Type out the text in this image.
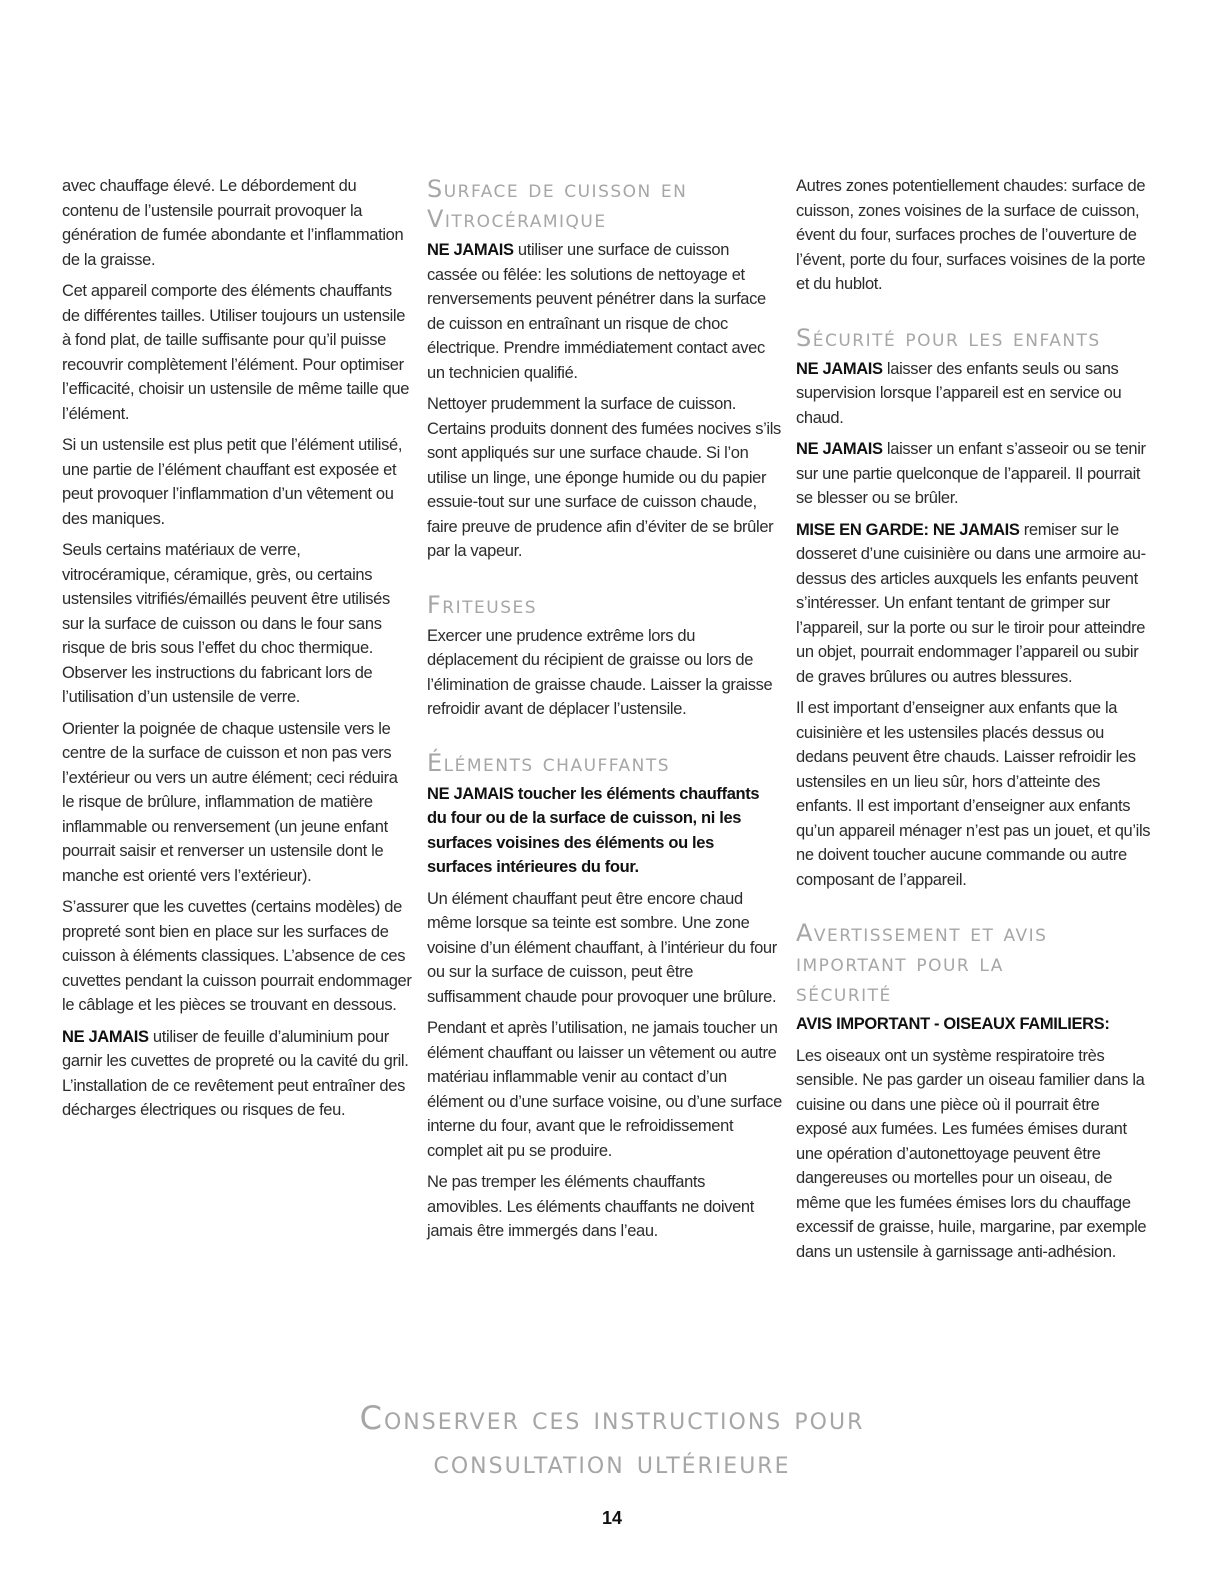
avec chauffage élevé. Le débordement du contenu de l’ustensile pourrait provoquer la génération de fumée abondante et l’inflammation de la graisse.

Cet appareil comporte des éléments chauffants de différentes tailles. Utiliser toujours un ustensile à fond plat, de taille suffisante pour qu’il puisse recouvrir complètement l’élément. Pour optimiser l’efficacité, choisir un ustensile de même taille que l’élément.

Si un ustensile est plus petit que l’élément utilisé, une partie de l’élément chauffant est exposée et peut provoquer l’inflammation d’un vêtement ou des maniques.

Seuls certains matériaux de verre, vitrocéramique, céramique, grès, ou certains ustensiles vitrifiés/émaillés peuvent être utilisés sur la surface de cuisson ou dans le four sans risque de bris sous l’effet du choc thermique. Observer les instructions du fabricant lors de l’utilisation d’un ustensile de verre.

Orienter la poignée de chaque ustensile vers le centre de la surface de cuisson et non pas vers l’extérieur ou vers un autre élément; ceci réduira le risque de brûlure, inflammation de matière inflammable ou renversement (un jeune enfant pourrait saisir et renverser un ustensile dont le manche est orienté vers l’extérieur).

S’assurer que les cuvettes (certains modèles) de propreté sont bien en place sur les surfaces de cuisson à éléments classiques. L’absence de ces cuvettes pendant la cuisson pourrait endommager le câblage et les pièces se trouvant en dessous.

NE JAMAIS utiliser de feuille d’aluminium pour garnir les cuvettes de propreté ou la cavité du gril. L’installation de ce revêtement peut entraîner des décharges électriques ou risques de feu.

Surface de cuisson en
Vitrocéramique

NE JAMAIS utiliser une surface de cuisson cassée ou fêlée: les solutions de nettoyage et renversements peuvent pénétrer dans la surface de cuisson en entraînant un risque de choc électrique. Prendre immédiatement contact avec un technicien qualifié.

Nettoyer prudemment la surface de cuisson. Certains produits donnent des fumées nocives s’ils sont appliqués sur une surface chaude. Si l’on utilise un linge, une éponge humide ou du papier essuie-tout sur une surface de cuisson chaude, faire preuve de prudence afin d’éviter de se brûler par la vapeur.

Friteuses

Exercer une prudence extrême lors du déplacement du récipient de graisse ou lors de l’élimination de graisse chaude. Laisser la graisse refroidir avant de déplacer l’ustensile.

Éléments chauffants

NE JAMAIS toucher les éléments chauffants du four ou de la surface de cuisson, ni les surfaces voisines des éléments ou les surfaces intérieures du four.

Un élément chauffant peut être encore chaud même lorsque sa teinte est sombre. Une zone voisine d’un élément chauffant, à l’intérieur du four ou sur la surface de cuisson, peut être suffisamment chaude pour provoquer une brûlure.

Pendant et après l’utilisation, ne jamais toucher un élément chauffant ou laisser un vêtement ou autre matériau inflammable venir au contact d’un élément ou d’une surface voisine, ou d’une surface interne du four, avant que le refroidissement complet ait pu se produire.

Ne pas tremper les éléments chauffants amovibles. Les éléments chauffants ne doivent jamais être immergés dans l’eau.

Autres zones potentiellement chaudes: surface de cuisson, zones voisines de la surface de cuisson, évent du four, surfaces proches de l’ouverture de l’évent, porte du four, surfaces voisines de la porte et du hublot.

Sécurité pour les enfants

NE JAMAIS laisser des enfants seuls ou sans supervision lorsque l’appareil est en service ou chaud.

NE JAMAIS laisser un enfant s’asseoir ou se tenir sur une partie quelconque de l’appareil. Il pourrait se blesser ou se brûler.

MISE EN GARDE: NE JAMAIS remiser sur le dosseret d’une cuisinière ou dans une armoire au-dessus des articles auxquels les enfants peuvent s’intéresser. Un enfant tentant de grimper sur l’appareil, sur la porte ou sur le tiroir pour atteindre un objet, pourrait endommager l’appareil ou subir de graves brûlures ou autres blessures.

Il est important d’enseigner aux enfants que la cuisinière et les ustensiles placés dessus ou dedans peuvent être chauds. Laisser refroidir les ustensiles en un lieu sûr, hors d’atteinte des enfants. Il est important d’enseigner aux enfants qu’un appareil ménager n’est pas un jouet, et qu’ils ne doivent toucher aucune commande ou autre composant de l’appareil.

Avertissement et avis
important pour la
sécurité

AVIS IMPORTANT - OISEAUX FAMILIERS:

Les oiseaux ont un système respiratoire très sensible. Ne pas garder un oiseau familier dans la cuisine ou dans une pièce où il pourrait être exposé aux fumées. Les fumées émises durant une opération d’autonettoyage peuvent être dangereuses ou mortelles pour un oiseau, de même que les fumées émises lors du chauffage excessif de graisse, huile, margarine, par exemple dans un ustensile à garnissage anti-adhésion.

Conserver ces instructions pour
consultation ultérieure
14
